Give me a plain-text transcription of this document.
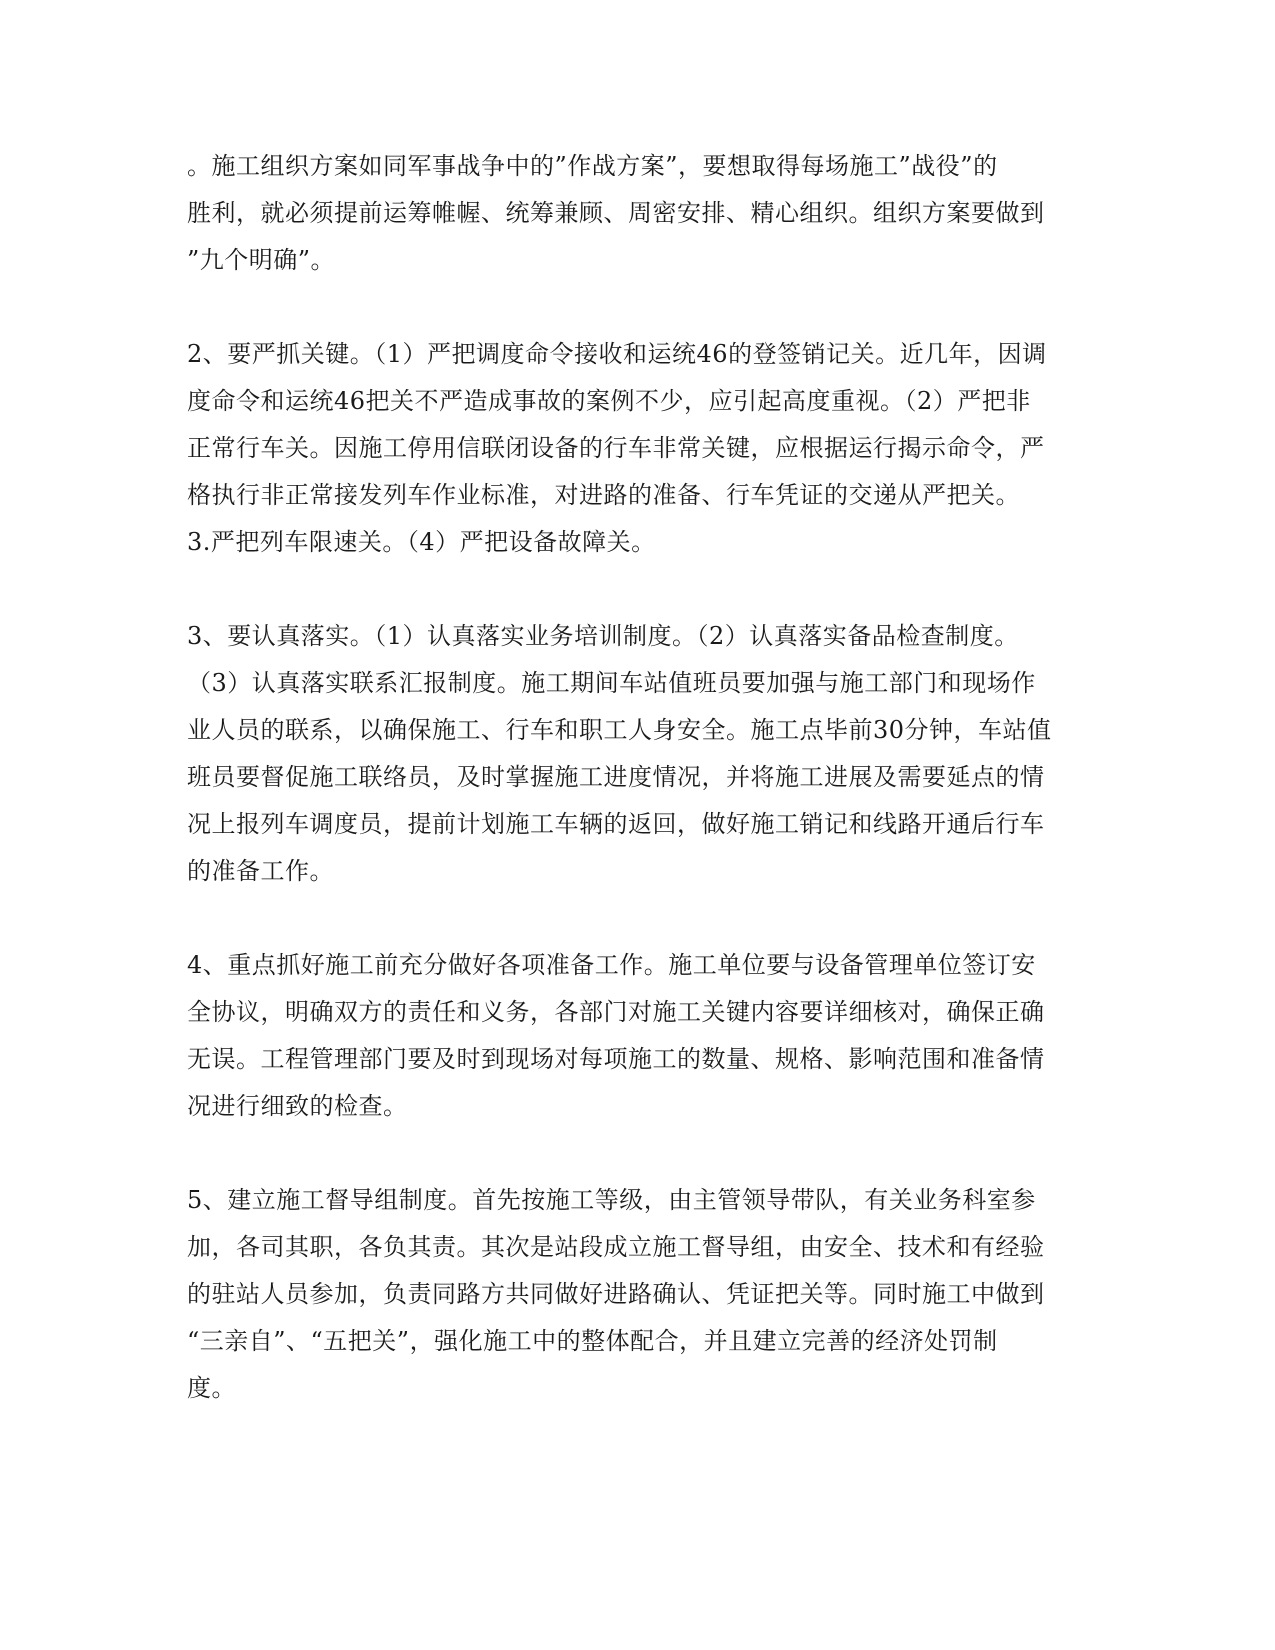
。施工组织方案如同军事战争中的”作战方案”，要想取得每场施工”战役”的
胜利，就必须提前运筹帷幄、统筹兼顾、周密安排、精心组织。组织方案要做到
”九个明确”。
2、要严抓关键。（1）严把调度命令接收和运统46的登签销记关。近几年，因调
度命令和运统46把关不严造成事故的案例不少，应引起高度重视。（2）严把非
正常行车关。因施工停用信联闭设备的行车非常关键，应根据运行揭示命令，严
格执行非正常接发列车作业标准，对进路的准备、行车凭证的交递从严把关。
3.严把列车限速关。（4）严把设备故障关。
3、要认真落实。（1）认真落实业务培训制度。（2）认真落实备品检查制度。
（3）认真落实联系汇报制度。施工期间车站值班员要加强与施工部门和现场作
业人员的联系，以确保施工、行车和职工人身安全。施工点毕前30分钟，车站值
班员要督促施工联络员，及时掌握施工进度情况，并将施工进展及需要延点的情
况上报列车调度员，提前计划施工车辆的返回，做好施工销记和线路开通后行车
的准备工作。
4、重点抓好施工前充分做好各项准备工作。施工单位要与设备管理单位签订安
全协议，明确双方的责任和义务，各部门对施工关键内容要详细核对，确保正确
无误。工程管理部门要及时到现场对每项施工的数量、规格、影响范围和准备情
况进行细致的检查。
5、建立施工督导组制度。首先按施工等级，由主管领导带队，有关业务科室参
加，各司其职，各负其责。其次是站段成立施工督导组，由安全、技术和有经验
的驻站人员参加，负责同路方共同做好进路确认、凭证把关等。同时施工中做到
“三亲自”、“五把关”，强化施工中的整体配合，并且建立完善的经济处罚制
度。
